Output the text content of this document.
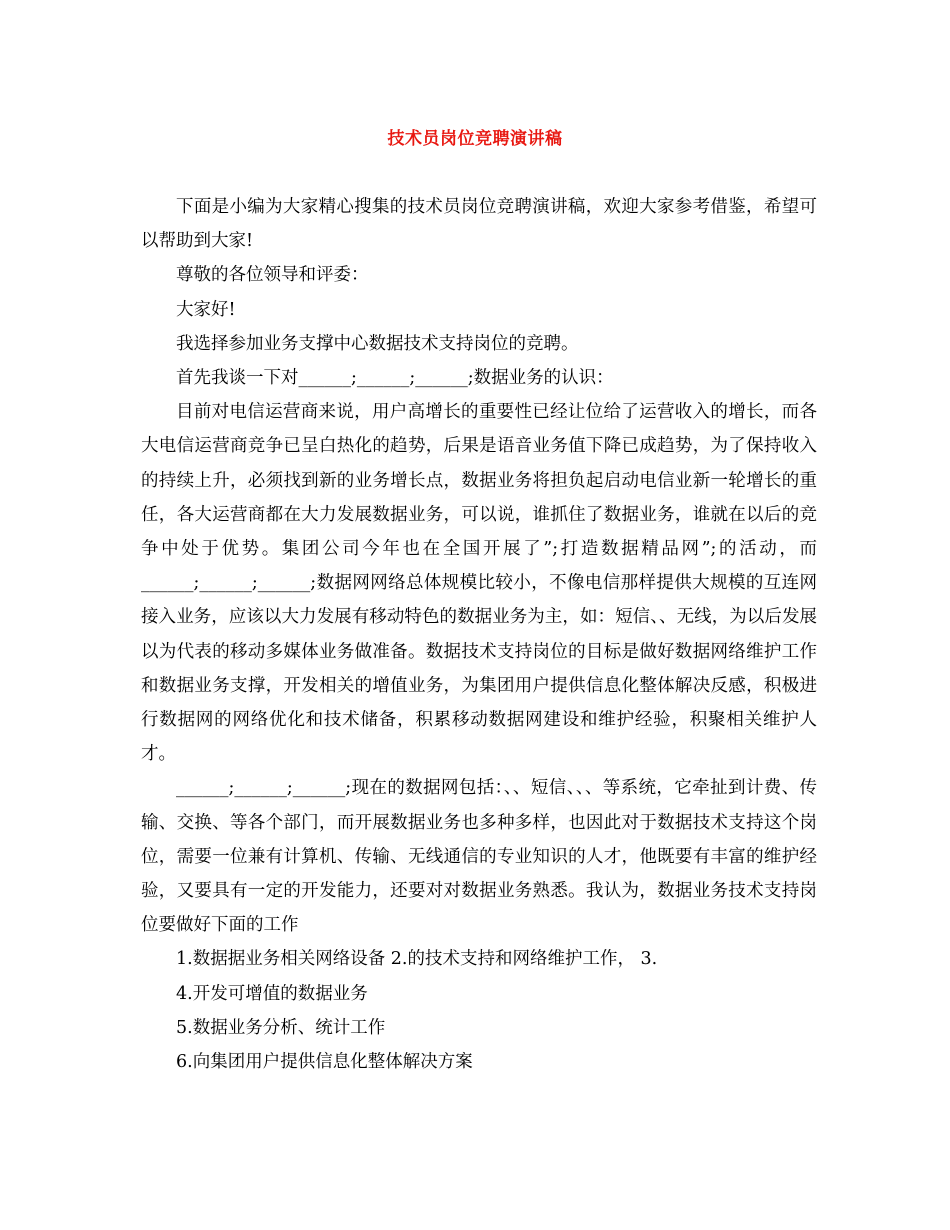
技术员岗位竞聘演讲稿

下面是小编为大家精心搜集的技术员岗位竞聘演讲稿，欢迎大家参考借鉴，希望可以帮助到大家!

尊敬的各位领导和评委：

大家好!

我选择参加业务支撑中心数据技术支持岗位的竞聘。

首先我谈一下对______;______;______;数据业务的认识：

目前对电信运营商来说，用户高增长的重要性已经让位给了运营收入的增长，而各大电信运营商竞争已呈白热化的趋势，后果是语音业务值下降已成趋势，为了保持收入的持续上升，必须找到新的业务增长点，数据业务将担负起启动电信业新一轮增长的重任，各大运营商都在大力发展数据业务，可以说，谁抓住了数据业务，谁就在以后的竞争中处于优势。集团公司今年也在全国开展了”;打造数据精品网”;的活动，而______;______;______;数据网网络总体规模比较小，不像电信那样提供大规模的互连网接入业务，应该以大力发展有移动特色的数据业务为主，如：短信、、无线，为以后发展以为代表的移动多媒体业务做准备。数据技术支持岗位的目标是做好数据网络维护工作和数据业务支撑，开发相关的增值业务，为集团用户提供信息化整体解决反感，积极进行数据网的网络优化和技术储备，积累移动数据网建设和维护经验，积聚相关维护人才。

______;______;______;现在的数据网包括：、、短信、、、等系统，它牵扯到计费、传输、交换、等各个部门，而开展数据业务也多种多样，也因此对于数据技术支持这个岗位，需要一位兼有计算机、传输、无线通信的专业知识的人才，他既要有丰富的维护经验，又要具有一定的开发能力，还要对对数据业务熟悉。我认为，数据业务技术支持岗位要做好下面的工作

1.数据据业务相关网络设备 2.的技术支持和网络维护工作， 3.

4.开发可增值的数据业务

5.数据业务分析、统计工作

6.向集团用户提供信息化整体解决方案
